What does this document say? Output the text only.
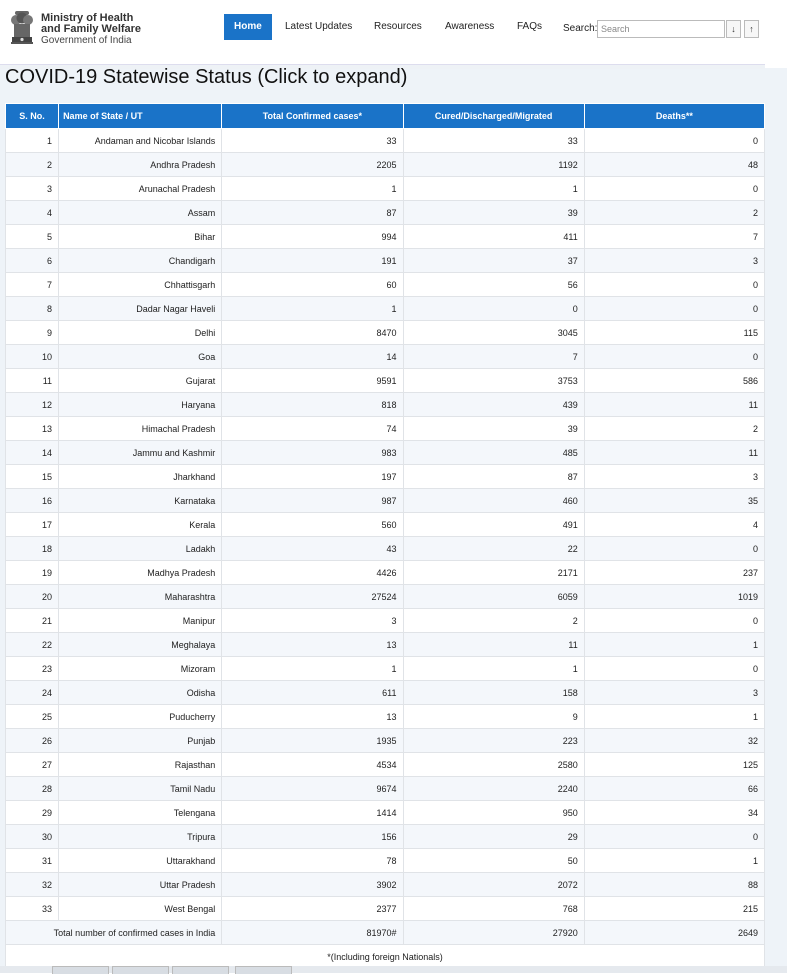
Ministry of Health
and Family Welfare
Government of India
Home	Latest Updates Resources Awareness FAQs Search:
Search	↓	↑
COVID-19 Statewise Status (Click to expand)
S. No.	Name of State / UT	Total Confirmed cases*	Cured/Discharged/Migrated	Deaths**
1	Andaman and Nicobar Islands	33	33	0
2	Andhra Pradesh	2205	1192	48
3	Arunachal Pradesh	1	1	0
4	Assam	87	39	2
5	Bihar	994	411	7
6	Chandigarh	191	37	3
7	Chhattisgarh	60	56	0
8	Dadar Nagar Haveli	1	0	0
9	Delhi	8470	3045	115
10	Goa	14	7	0
11	Gujarat	9591	3753	586
12	Haryana	818	439	11
13	Himachal Pradesh	74	39	2
14	Jammu and Kashmir	983	485	11
15	Jharkhand	197	87	3
16	Karnataka	987	460	35
17	Kerala	560	491	4
18	Ladakh	43	22	0
19	Madhya Pradesh	4426	2171	237
20	Maharashtra	27524	6059	1019
21	Manipur	3	2	0
22	Meghalaya	13	11	1
23	Mizoram	1	1	0
24	Odisha	611	158	3
25	Puducherry	13	9	1
26	Punjab	1935	223	32
27	Rajasthan	4534	2580	125
28	Tamil Nadu	9674	2240	66
29	Telengana	1414	950	34
30	Tripura	156	29	0
31	Uttarakhand	78	50	1
32	Uttar Pradesh	3902	2072	88
33	West Bengal	2377	768	215
Total number of confirmed cases in India		81970#	27920	2649
*(Including foreign Nationals)				
